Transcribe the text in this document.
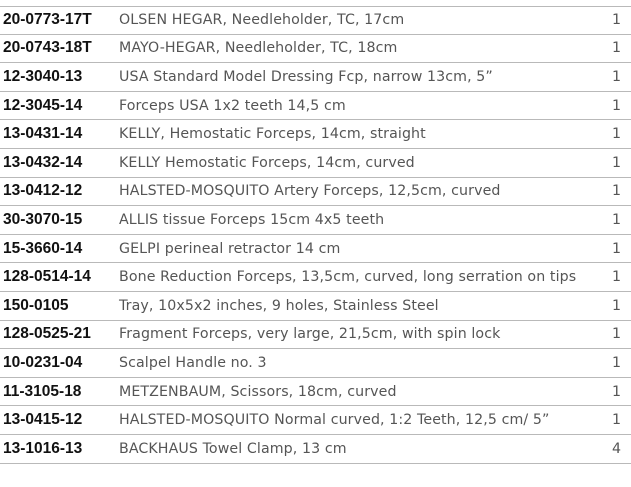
20-0773-17T OLSEN HEGAR, Needleholder, TC, 17cm	1
20-0743-18T MAYO-HEGAR, Needleholder, TC, 18cm	1
12-3040-13	USA Standard Model Dressing Fcp, narrow 13cm, 5”	1
12-3045-14	Forceps USA 1x2 teeth 14,5 cm	1
13-0431-14	KELLY, Hemostatic Forceps, 14cm, straight	1
13-0432-14	KELLY Hemostatic Forceps, 14cm, curved	1
13-0412-12	HALSTED-MOSQUITO Artery Forceps, 12,5cm, curved	1
30-3070-15	ALLIS tissue Forceps 15cm 4x5 teeth	1
15-3660-14	GELPI perineal retractor 14 cm	1
128-0514-14 Bone Reduction Forceps, 13,5cm, curved, long serration on tips	1
150-0105	Tray, 10x5x2 inches, 9 holes, Stainless Steel	1
128-0525-21 Fragment Forceps, very large, 21,5cm, with spin lock	1
10-0231-04	Scalpel Handle no. 3	1
11-3105-18	METZENBAUM, Scissors, 18cm, curved	1
13-0415-12	HALSTED-MOSQUITO Normal curved, 1:2 Teeth, 12,5 cm/ 5”	1
13-1016-13	BACKHAUS Towel Clamp, 13 cm	4
